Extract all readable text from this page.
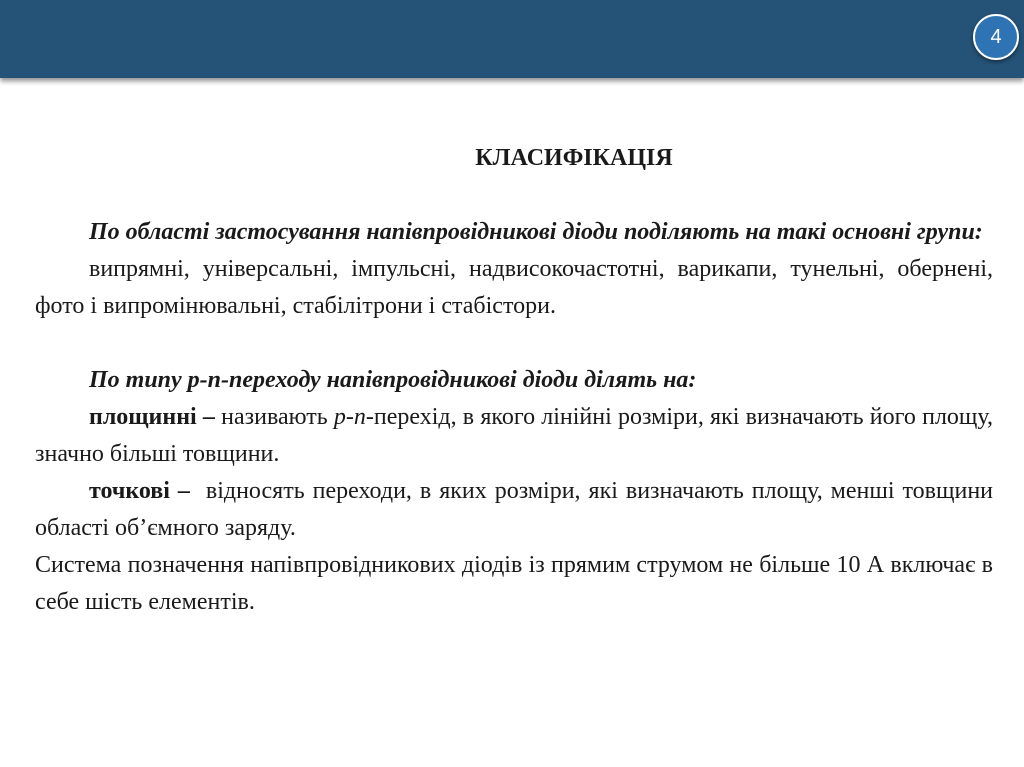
4

КЛАСИФІКАЦІЯ

По області застосування напівпровідникові діоди поділяють на такі основні групи:

випрямні, універсальні, імпульсні, надвисокочастотні, варикапи, тунельні, обернені, фото і випромінювальні, стабілітрони і стабістори.

По типу p-n-переходу напівпровідникові діоди ділять на:

площинні – називають p-n-перехід, в якого лінійні розміри, які визначають його площу, значно більші товщини.

точкові –  відносять переходи, в яких розміри, які визначають площу, менші товщини області об’ємного заряду.

Система позначення напівпровідникових діодів із прямим струмом не більше 10 А включає в себе шість елементів.
